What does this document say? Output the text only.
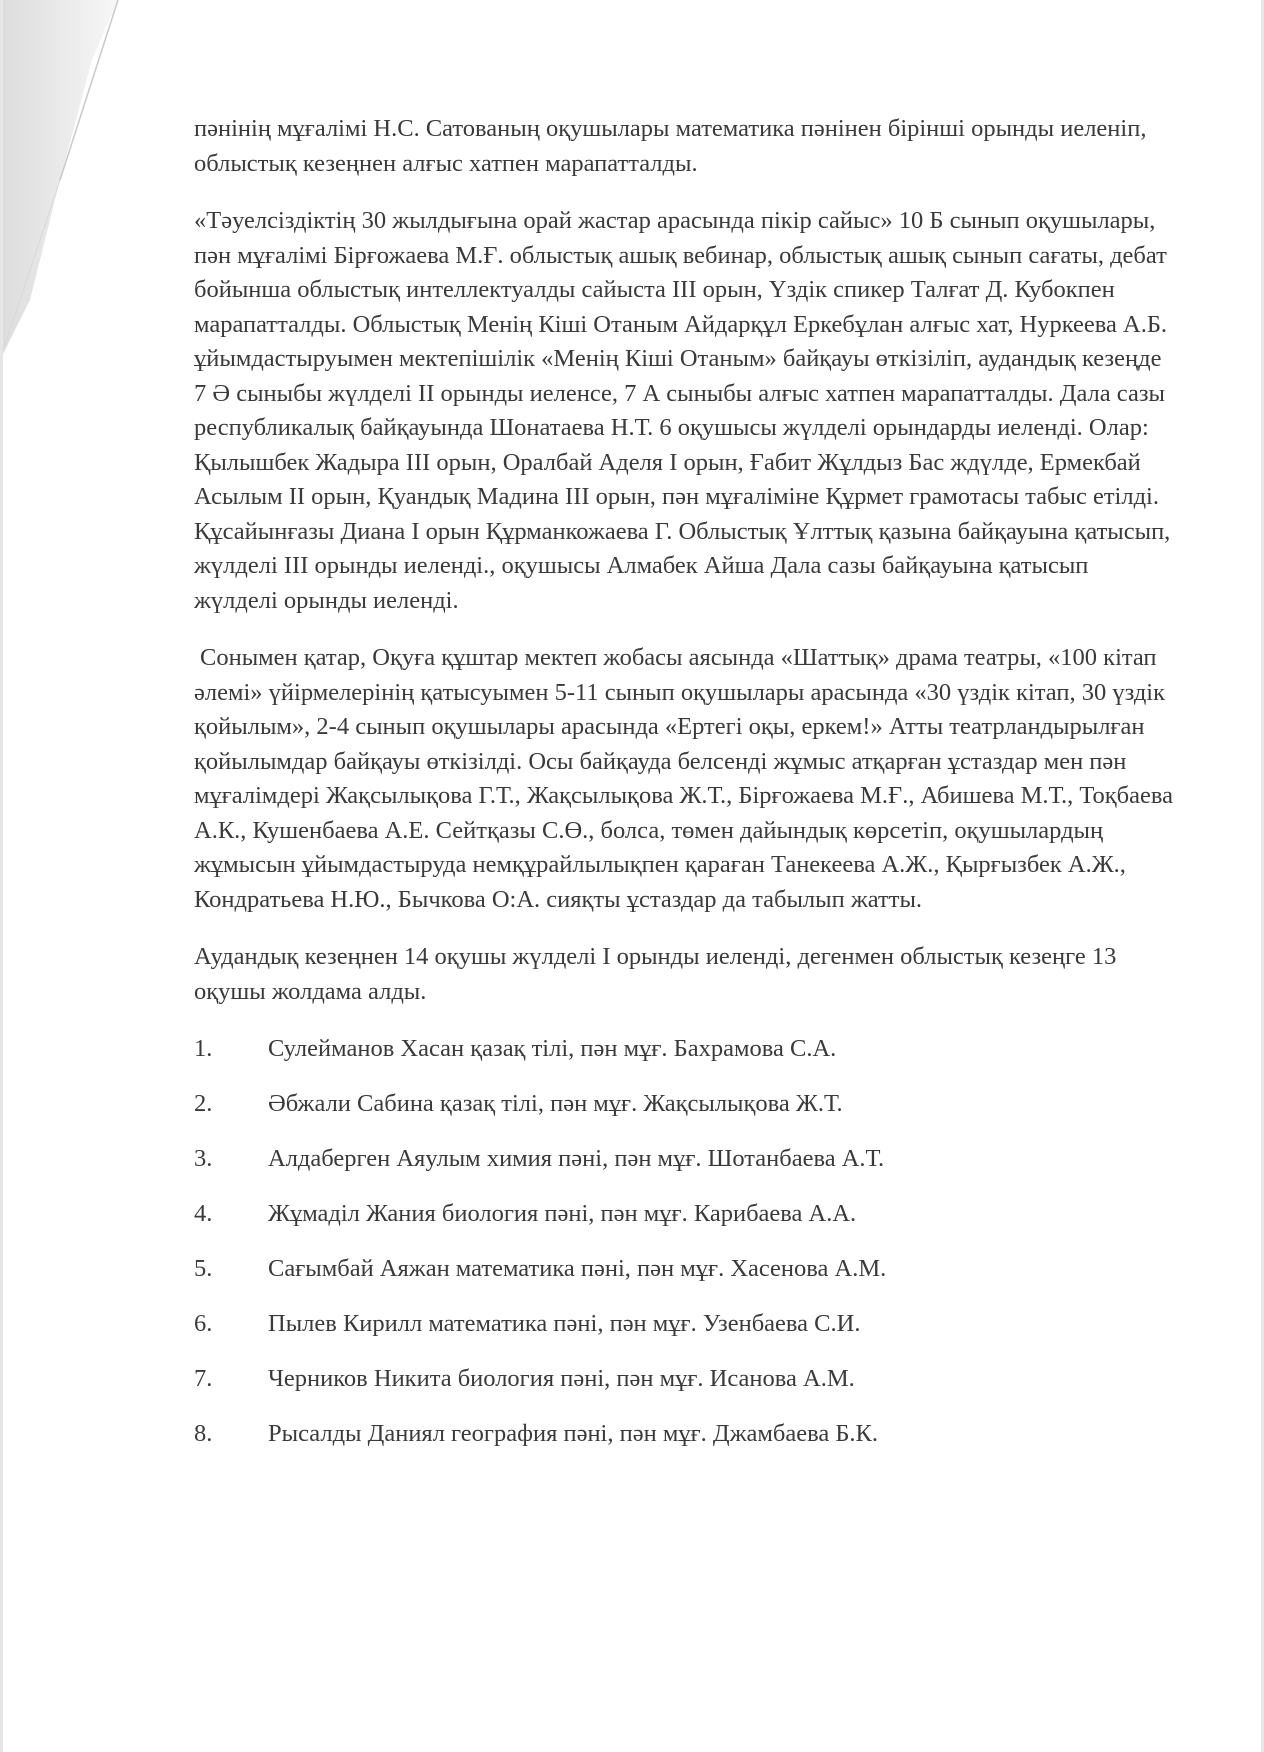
пәнінің мұғалімі Н.С. Сатованың оқушылары математика пәнінен бірінші орынды иеленіп, облыстық кезеңнен алғыс хатпен марапатталды.

«Тәуелсіздіктің 30 жылдығына орай жастар арасында пікір сайыс» 10 Б сынып оқушылары, пән мұғалімі Бірғожаева М.Ғ. облыстық ашық вебинар, облыстық ашық сынып сағаты, дебат бойынша облыстық интеллектуалды сайыста III орын, Үздік спикер Талғат Д. Кубокпен марапатталды. Облыстық Менің Кіші Отаным Айдарқұл Еркебұлан алғыс хат, Нуркеева А.Б. ұйымдастыруымен мектепішілік «Менің Кіші Отаным» байқауы өткізіліп, аудандық кезеңде 7 Ә сыныбы жүлделі II орынды иеленсе, 7 А сыныбы алғыс хатпен марапатталды. Дала сазы республикалық байқауында Шонатаева Н.Т. 6 оқушысы жүлделі орындарды иеленді. Олар: Қылышбек Жадыра III орын, Оралбай Аделя I орын, Ғабит Жұлдыз Бас ждүлде, Ермекбай Асылым II орын, Қуандық Мадина III орын, пән мұғаліміне Құрмет грамотасы табыс етілді. Құсайынғазы Диана I орын Құрманкожаева Г. Облыстық Ұлттық қазына байқауына қатысып, жүлделі III орынды иеленді., оқушысы Алмабек Айша Дала сазы байқауына қатысып жүлделі орынды иеленді.

Сонымен қатар, Оқуға құштар мектеп жобасы аясында «Шаттық» драма театры, «100 кітап әлемі» үйірмелерінің қатысуымен 5-11 сынып оқушылары арасында «30 үздік кітап, 30 үздік қойылым», 2-4 сынып оқушылары арасында «Ертегі оқы, еркем!» Атты театрландырылған қойылымдар байқауы өткізілді. Осы байқауда белсенді жұмыс атқарған ұстаздар мен пән мұғалімдері Жақсылықова Г.Т., Жақсылықова Ж.Т., Бірғожаева М.Ғ., Абишева М.Т., Тоқбаева А.К., Кушенбаева А.Е. Сейтқазы С.Ө., болса, төмен дайындық көрсетіп, оқушылардың жұмысын ұйымдастыруда немқұрайлылықпен қараған Танекеева А.Ж., Қырғызбек А.Ж., Кондратьева Н.Ю., Бычкова О:А. сияқты ұстаздар да табылып жатты.

Аудандық кезеңнен 14 оқушы жүлделі I орынды иеленді, дегенмен облыстық кезеңге 13 оқушы жолдама алды.

1.	Сулейманов Хасан қазақ тілі, пән мұғ. Бахрамова С.А.
2.	Әбжали Сабина қазақ тілі, пән мұғ. Жақсылықова Ж.Т.
3.	Алдаберген Аяулым химия пәні, пән мұғ. Шотанбаева А.Т.
4.	Жұмаділ Жания биология пәні, пән мұғ. Карибаева А.А.
5.	Сағымбай Аяжан математика пәні, пән мұғ. Хасенова А.М.
6.	Пылев Кирилл математика пәні, пән мұғ. Узенбаева С.И.
7.	Черников Никита биология пәні, пән мұғ. Исанова А.М.
8.	Рысалды Даниял география пәні, пән мұғ. Джамбаева Б.К.
